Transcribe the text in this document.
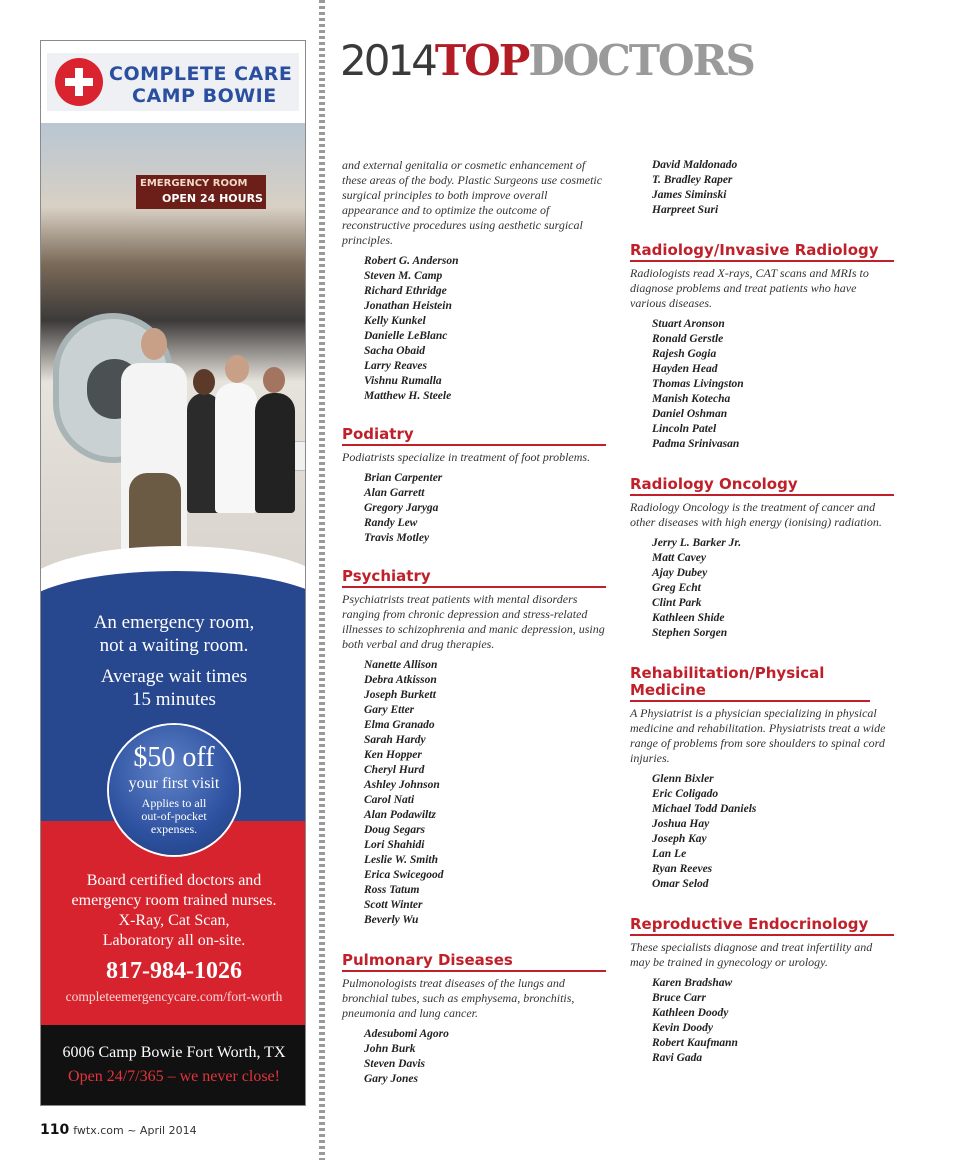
COMPLETE CARE
CAMP BOWIE
EMERGENCY ROOM
OPEN 24 HOURS
An emergency room,
not a waiting room.
Average wait times
15 minutes
$50 off
your first visit
Applies to all
out-of-pocket
expenses.
Board certified doctors and
emergency room trained nurses.
X-Ray, Cat Scan,
Laboratory all on-site.
817-984-1026
completeemergencycare.com/fort-worth
6006 Camp Bowie Fort Worth, TX
Open 24/7/365 – we never close!
2014TOPDOCTORS

and external genitalia or cosmetic enhancement of these areas of the body. Plastic Surgeons use cosmetic surgical principles to both improve overall appearance and to optimize the outcome of reconstructive procedures using aesthetic surgical principles.

Robert G. Anderson
Steven M. Camp
Richard Ethridge
Jonathan Heistein
Kelly Kunkel
Danielle LeBlanc
Sacha Obaid
Larry Reaves
Vishnu Rumalla
Matthew H. Steele
Podiatry

Podiatrists specialize in treatment of foot problems.

Brian Carpenter
Alan Garrett
Gregory Jaryga
Randy Lew
Travis Motley
Psychiatry

Psychiatrists treat patients with mental disorders ranging from chronic depression and stress-related illnesses to schizophrenia and manic depression, using both verbal and drug therapies.

Nanette Allison
Debra Atkisson
Joseph Burkett
Gary Etter
Elma Granado
Sarah Hardy
Ken Hopper
Cheryl Hurd
Ashley Johnson
Carol Nati
Alan Podawiltz
Doug Segars
Lori Shahidi
Leslie W. Smith
Erica Swicegood
Ross Tatum
Scott Winter
Beverly Wu
Pulmonary Diseases

Pulmonologists treat diseases of the lungs and bronchial tubes, such as emphysema, bronchitis, pneumonia and lung cancer.

Adesubomi Agoro
John Burk
Steven Davis
Gary Jones
David Maldonado
T. Bradley Raper
James Siminski
Harpreet Suri
Radiology/Invasive Radiology

Radiologists read X-rays, CAT scans and MRIs to diagnose problems and treat patients who have various diseases.

Stuart Aronson
Ronald Gerstle
Rajesh Gogia
Hayden Head
Thomas Livingston
Manish Kotecha
Daniel Oshman
Lincoln Patel
Padma Srinivasan
Radiology Oncology

Radiology Oncology is the treatment of cancer and other diseases with high energy (ionising) radiation.

Jerry L. Barker Jr.
Matt Cavey
Ajay Dubey
Greg Echt
Clint Park
Kathleen Shide
Stephen Sorgen
Rehabilitation/Physical Medicine

A Physiatrist is a physician specializing in physical medicine and rehabilitation. Physiatrists treat a wide range of problems from sore shoulders to spinal cord injuries.

Glenn Bixler
Eric Coligado
Michael Todd Daniels
Joshua Hay
Joseph Kay
Lan Le
Ryan Reeves
Omar Selod
Reproductive Endocrinology

These specialists diagnose and treat infertility and may be trained in gynecology or urology.

Karen Bradshaw
Bruce Carr
Kathleen Doody
Kevin Doody
Robert Kaufmann
Ravi Gada
110 fwtx.com ~ April 2014
